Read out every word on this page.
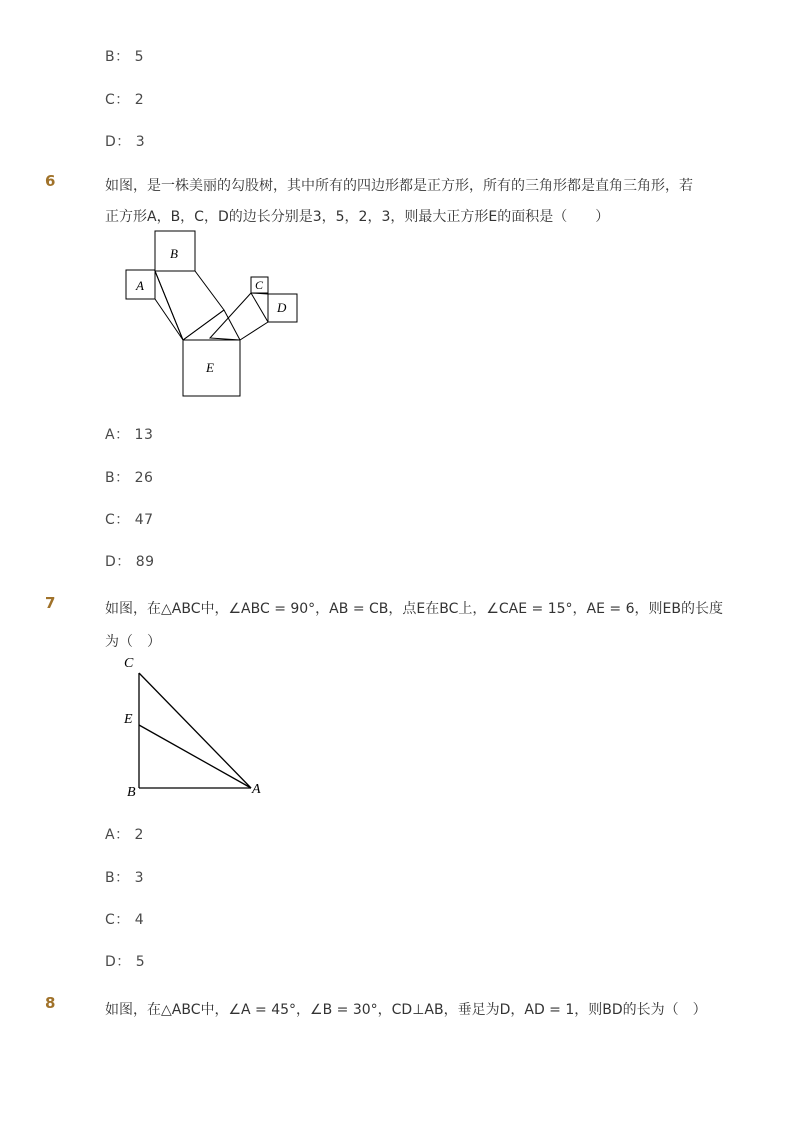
B： 5
C： 2
D： 3
6	如图，是一株美丽的勾股树，其中所有的四边形都是正方形，所有的三角形都是直角三角形，若
正方形A，B，C，D的边长分别是3，5，2，3，则最大正方形E的面积是（　　）
B
A	C
D
E
A： 13
B： 26
C： 47
D： 89
7	如图，在△ABC中，∠ABC = 90°，AB = CB，点E在BC上，∠CAE = 15°，AE = 6，则EB的长度
为（　）
C
E
B	A
A： 2
B： 3
C： 4
D： 5
8	如图，在△ABC中，∠A = 45°，∠B = 30°，CD⊥AB，垂足为D，AD = 1，则BD的长为（　）
